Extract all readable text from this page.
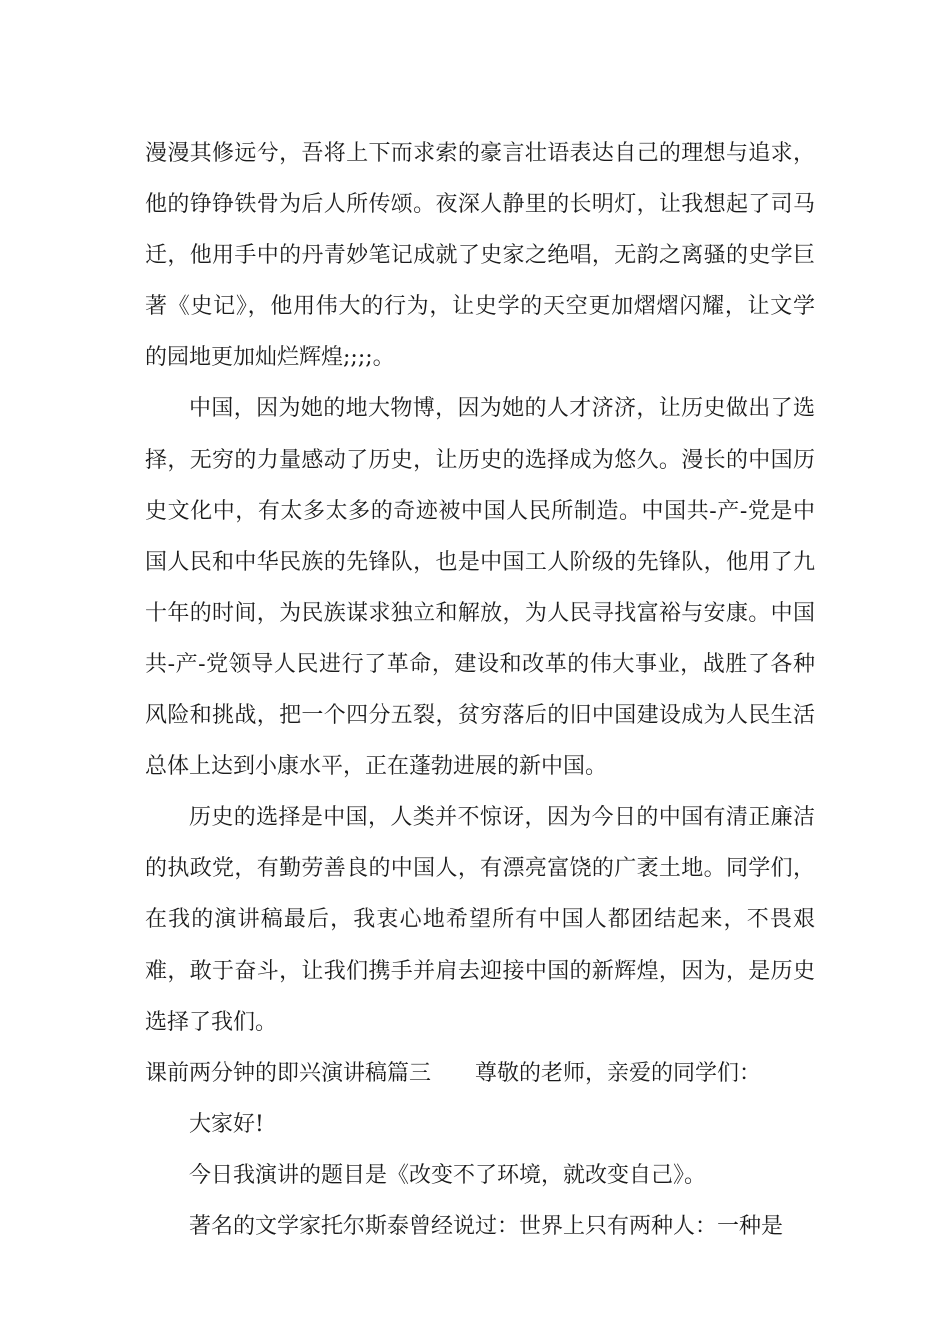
漫漫其修远兮，吾将上下而求索的豪言壮语表达自己的理想与追求，他的铮铮铁骨为后人所传颂。夜深人静里的长明灯，让我想起了司马迁，他用手中的丹青妙笔记成就了史家之绝唱，无韵之离骚的史学巨著《史记》，他用伟大的行为，让史学的天空更加熠熠闪耀，让文学的园地更加灿烂辉煌;;;;。

中国，因为她的地大物博，因为她的人才济济，让历史做出了选择，无穷的力量感动了历史，让历史的选择成为悠久。漫长的中国历史文化中，有太多太多的奇迹被中国人民所制造。中国共-产-党是中国人民和中华民族的先锋队，也是中国工人阶级的先锋队，他用了九十年的时间，为民族谋求独立和解放，为人民寻找富裕与安康。中国共-产-党领导人民进行了革命，建设和改革的伟大事业，战胜了各种风险和挑战，把一个四分五裂，贫穷落后的旧中国建设成为人民生活总体上达到小康水平，正在蓬勃进展的新中国。

历史的选择是中国，人类并不惊讶，因为今日的中国有清正廉洁的执政党，有勤劳善良的中国人，有漂亮富饶的广袤土地。同学们，在我的演讲稿最后，我衷心地希望所有中国人都团结起来，不畏艰难，敢于奋斗，让我们携手并肩去迎接中国的新辉煌，因为，是历史选择了我们。

课前两分钟的即兴演讲稿篇三 尊敬的老师，亲爱的同学们：

大家好!

今日我演讲的题目是《改变不了环境，就改变自己》。

著名的文学家托尔斯泰曾经说过：世界上只有两种人：一种是
